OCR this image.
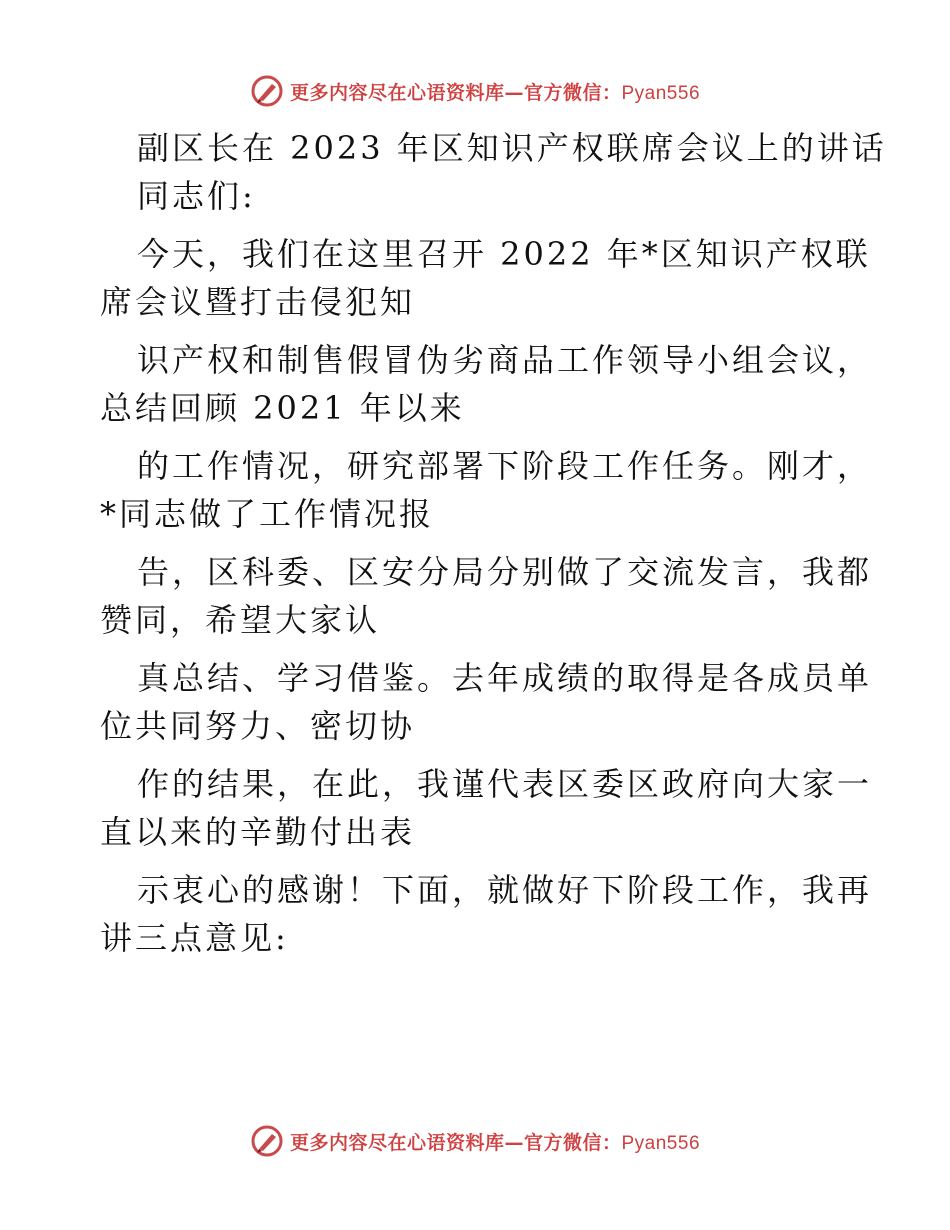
更多内容尽在心语资料库—官方微信：Pyan556
副区长在 2023 年区知识产权联席会议上的讲话
同志们:
今天，我们在这里召开 2022 年*区知识产权联
席会议暨打击侵犯知
识产权和制售假冒伪劣商品工作领导小组会议，
总结回顾 2021 年以来
的工作情况，研究部署下阶段工作任务。刚才，
*同志做了工作情况报
告，区科委、区安分局分别做了交流发言，我都
赞同，希望大家认
真总结、学习借鉴。去年成绩的取得是各成员单
位共同努力、密切协
作的结果，在此，我谨代表区委区政府向大家一
直以来的辛勤付出表
示衷心的感谢！下面，就做好下阶段工作，我再
讲三点意见:
更多内容尽在心语资料库—官方微信：Pyan556
